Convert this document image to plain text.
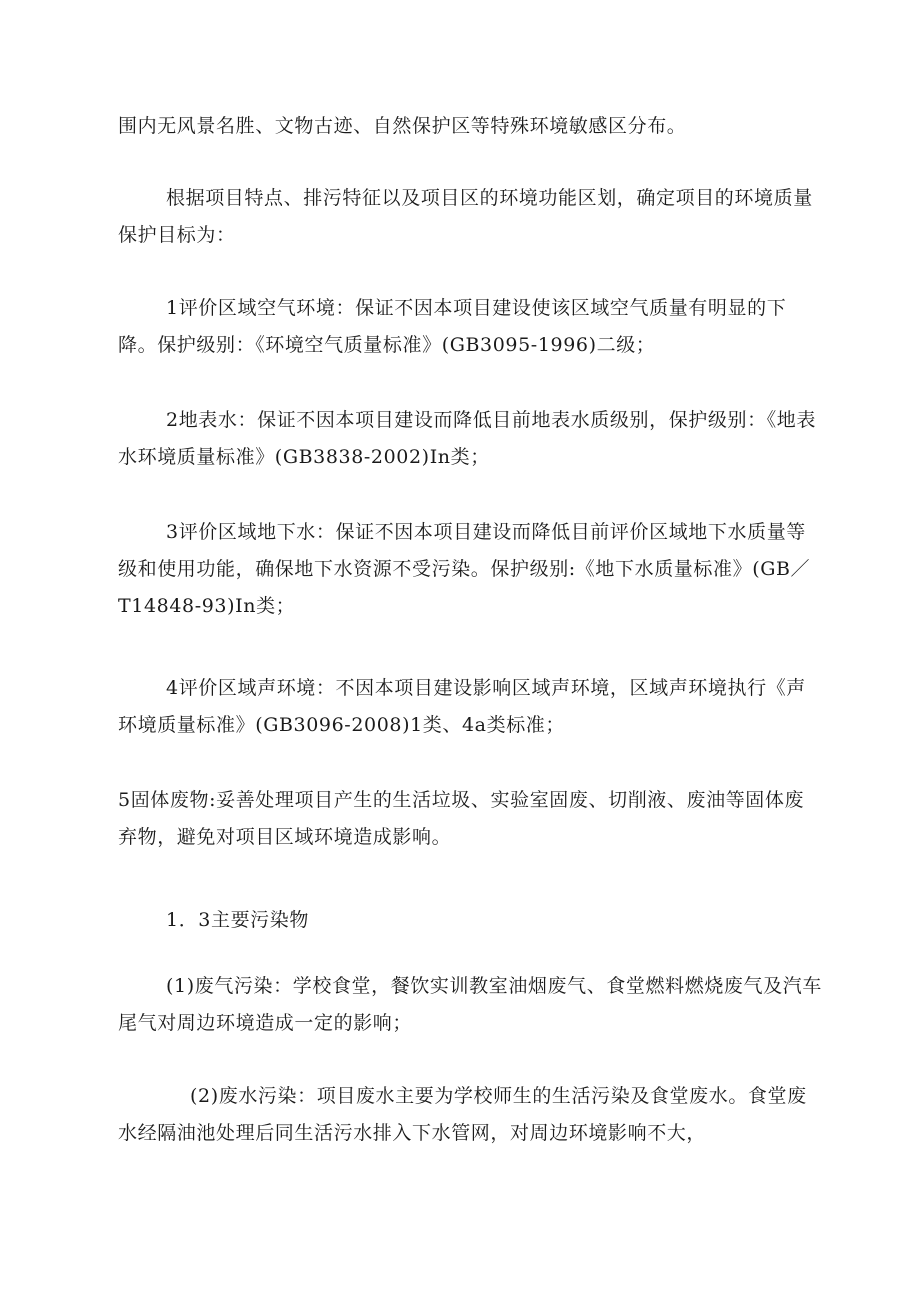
围内无风景名胜、文物古迹、自然保护区等特殊环境敏感区分布。

根据项目特点、排污特征以及项目区的环境功能区划，确定项目的环境质量保护目标为：

1评价区域空气环境：保证不因本项目建设使该区域空气质量有明显的下降。保护级别：《环境空气质量标准》(GB3095-1996)二级；

2地表水：保证不因本项目建设而降低目前地表水质级别，保护级别：《地表水环境质量标准》(GB3838-2002)In类；

3评价区域地下水：保证不因本项目建设而降低目前评价区域地下水质量等级和使用功能，确保地下水资源不受污染。保护级别:《地下水质量标准》(GB／T14848-93)In类；

4评价区域声环境：不因本项目建设影响区域声环境，区域声环境执行《声环境质量标准》(GB3096-2008)1类、4a类标准；

5固体废物:妥善处理项目产生的生活垃圾、实验室固废、切削液、废油等固体废弃物，避免对项目区域环境造成影响。

1．3主要污染物

(1)废气污染：学校食堂，餐饮实训教室油烟废气、食堂燃料燃烧废气及汽车尾气对周边环境造成一定的影响；

(2)废水污染：项目废水主要为学校师生的生活污染及食堂废水。食堂废水经隔油池处理后同生活污水排入下水管网，对周边环境影响不大，
